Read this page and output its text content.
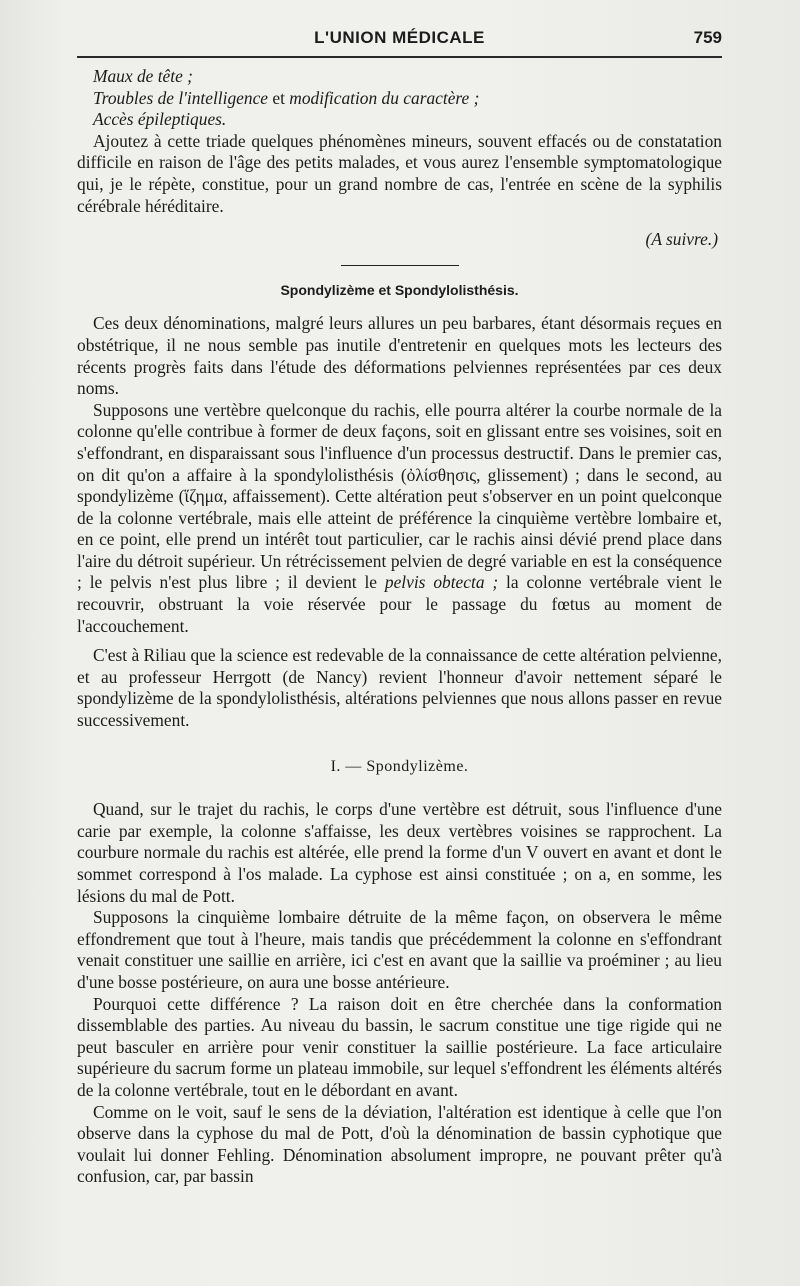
L'UNION MÉDICALE	759
Maux de tête ;
Troubles de l'intelligence et modification du caractère ;
Accès épileptiques.

Ajoutez à cette triade quelques phénomènes mineurs, souvent effacés ou de constatation difficile en raison de l'âge des petits malades, et vous aurez l'ensemble symptomatologique qui, je le répète, constitue, pour un grand nombre de cas, l'entrée en scène de la syphilis cérébrale héréditaire.

(A suivre.)
Spondylizème et Spondylolisthésis.

Ces deux dénominations, malgré leurs allures un peu barbares, étant désormais reçues en obstétrique, il ne nous semble pas inutile d'entretenir en quelques mots les lecteurs des récents progrès faits dans l'étude des déformations pelviennes représentées par ces deux noms.

Supposons une vertèbre quelconque du rachis, elle pourra altérer la courbe normale de la colonne qu'elle contribue à former de deux façons, soit en glissant entre ses voisines, soit en s'effondrant, en disparaissant sous l'influence d'un processus destructif. Dans le premier cas, on dit qu'on a affaire à la spondylolisthésis (ὀλίσθησις, glissement) ; dans le second, au spondylizème (ἵζημα, affaissement). Cette altération peut s'observer en un point quelconque de la colonne vertébrale, mais elle atteint de préférence la cinquième vertèbre lombaire et, en ce point, elle prend un intérêt tout particulier, car le rachis ainsi dévié prend place dans l'aire du détroit supérieur. Un rétrécissement pelvien de degré variable en est la conséquence ; le pelvis n'est plus libre ; il devient le pelvis obtecta ; la colonne vertébrale vient le recouvrir, obstruant la voie réservée pour le passage du fœtus au moment de l'accouchement.

C'est à Riliau que la science est redevable de la connaissance de cette altération pelvienne, et au professeur Herrgott (de Nancy) revient l'honneur d'avoir nettement séparé le spondylizème de la spondylolisthésis, altérations pelviennes que nous allons passer en revue successivement.

I. — Spondylizème.

Quand, sur le trajet du rachis, le corps d'une vertèbre est détruit, sous l'influence d'une carie par exemple, la colonne s'affaisse, les deux vertèbres voisines se rapprochent. La courbure normale du rachis est altérée, elle prend la forme d'un V ouvert en avant et dont le sommet correspond à l'os malade. La cyphose est ainsi constituée ; on a, en somme, les lésions du mal de Pott.

Supposons la cinquième lombaire détruite de la même façon, on observera le même effondrement que tout à l'heure, mais tandis que précédemment la colonne en s'effondrant venait constituer une saillie en arrière, ici c'est en avant que la saillie va proéminer ; au lieu d'une bosse postérieure, on aura une bosse antérieure.

Pourquoi cette différence ? La raison doit en être cherchée dans la conformation dissemblable des parties. Au niveau du bassin, le sacrum constitue une tige rigide qui ne peut basculer en arrière pour venir constituer la saillie postérieure. La face articulaire supérieure du sacrum forme un plateau immobile, sur lequel s'effondrent les éléments altérés de la colonne vertébrale, tout en le débordant en avant.

Comme on le voit, sauf le sens de la déviation, l'altération est identique à celle que l'on observe dans la cyphose du mal de Pott, d'où la dénomination de bassin cyphotique que voulait lui donner Fehling. Dénomination absolument impropre, ne pouvant prêter qu'à confusion, car, par bassin
